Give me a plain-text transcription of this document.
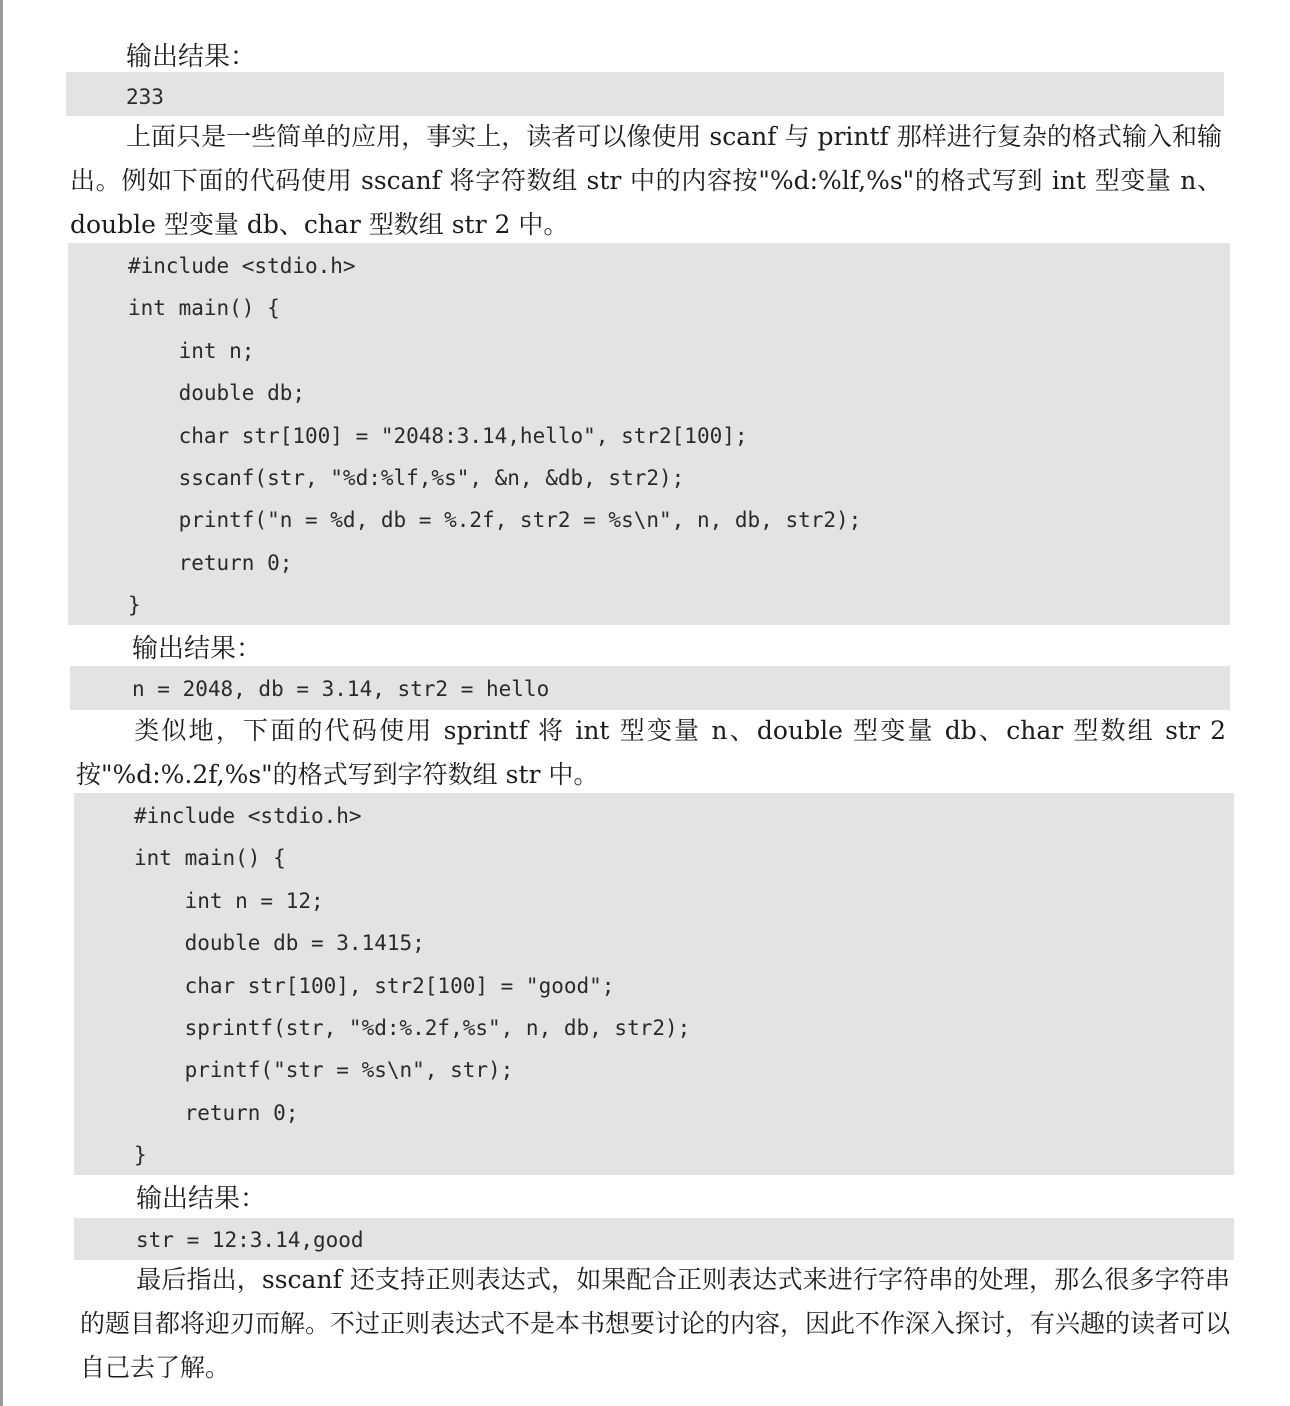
输出结果：
233
上面只是一些简单的应用，事实上，读者可以像使用 scanf 与 printf 那样进行复杂的格式输入和输出。例如下面的代码使用 sscanf 将字符数组 str 中的内容按"%d:%lf,%s"的格式写到 int 型变量 n、double 型变量 db、char 型数组 str 2 中。
#include <stdio.h>
int main() {
int n;
double db;
char str[100] = "2048:3.14,hello", str2[100];
sscanf(str, "%d:%lf,%s", &n, &db, str2);
printf("n = %d, db = %.2f, str2 = %s\n", n, db, str2);
return 0;
}
输出结果：
n = 2048, db = 3.14, str2 = hello
类似地，下面的代码使用 sprintf 将 int 型变量 n、double 型变量 db、char 型数组 str 2 按"%d:%.2f,%s"的格式写到字符数组 str 中。
#include <stdio.h>
int main() {
int n = 12;
double db = 3.1415;
char str[100], str2[100] = "good";
sprintf(str, "%d:%.2f,%s", n, db, str2);
printf("str = %s\n", str);
return 0;
}
输出结果：
str = 12:3.14,good
最后指出，sscanf 还支持正则表达式，如果配合正则表达式来进行字符串的处理，那么很多字符串的题目都将迎刃而解。不过正则表达式不是本书想要讨论的内容，因此不作深入探讨，有兴趣的读者可以自己去了解。
